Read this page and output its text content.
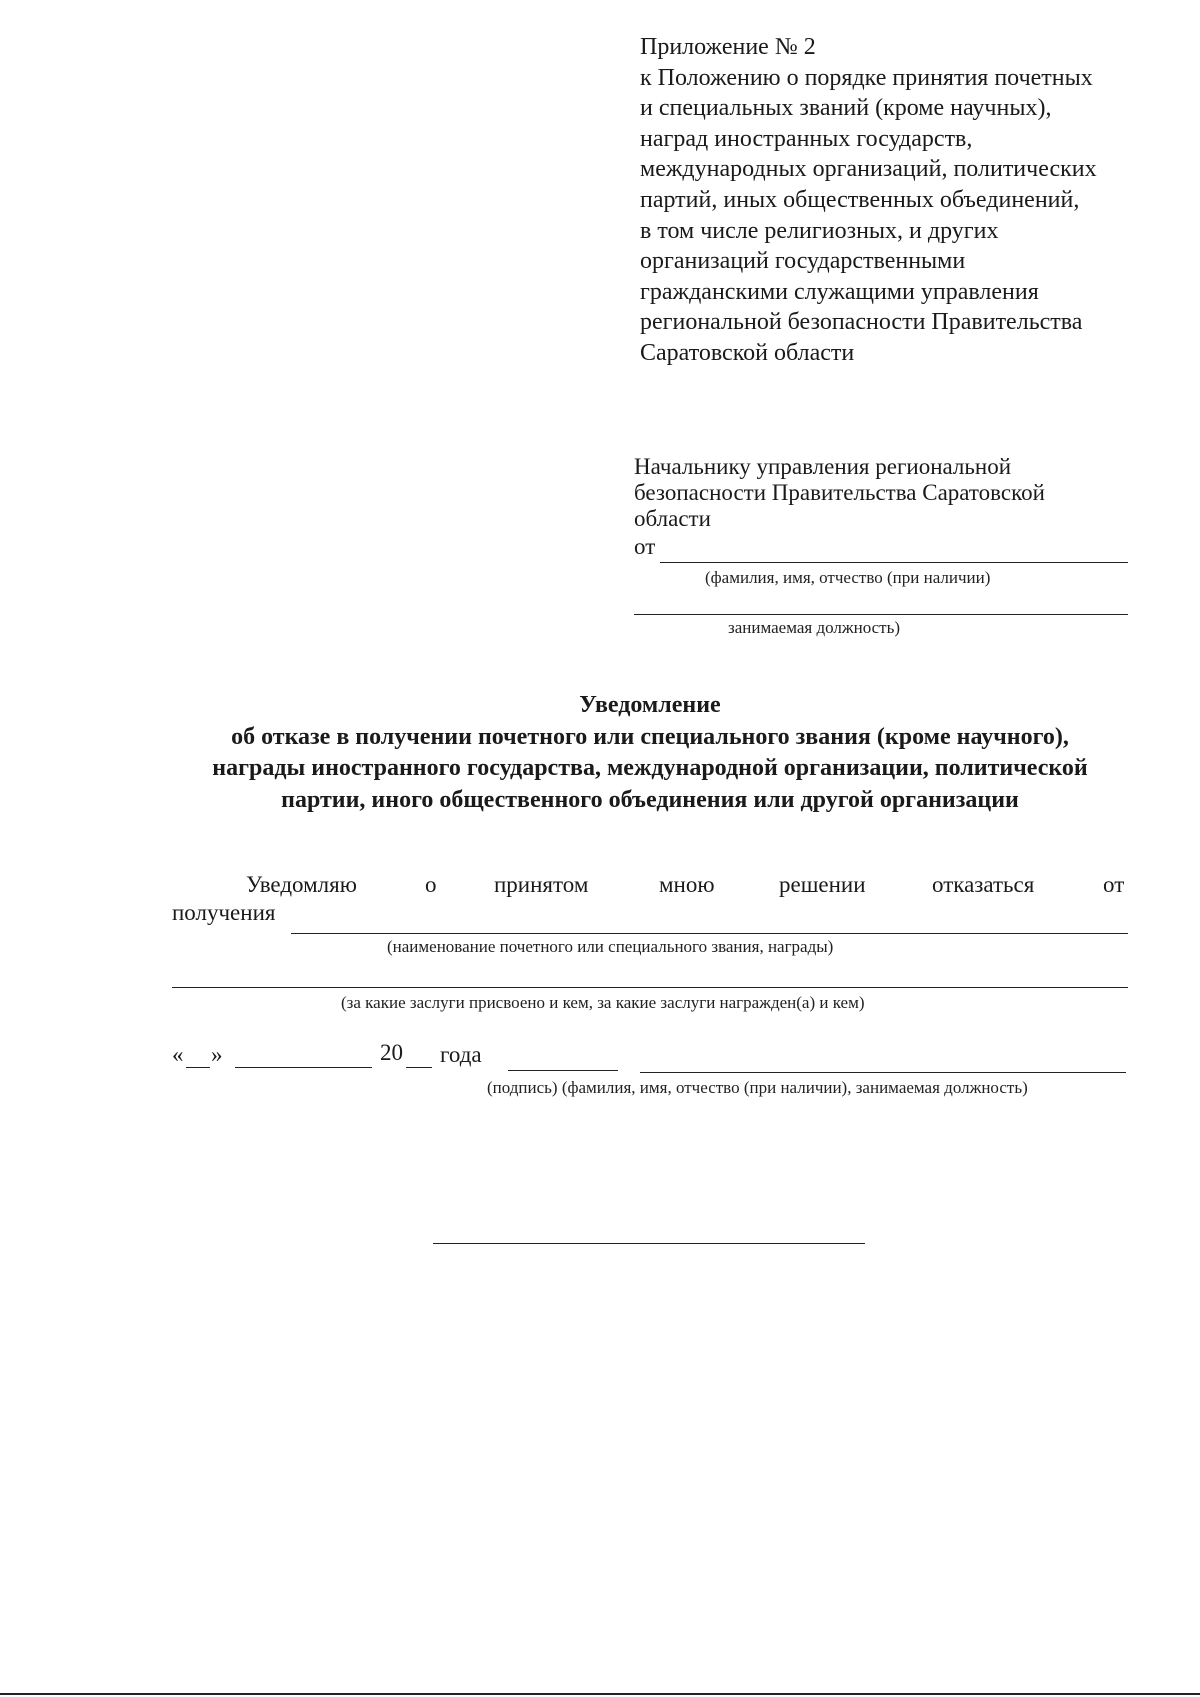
Приложение № 2
к Положению о порядке принятия почетных
и специальных званий (кроме научных),
наград иностранных государств,
международных организаций, политических
партий, иных общественных объединений,
в том числе религиозных, и других
организаций государственными
гражданскими служащими управления
региональной безопасности Правительства
Саратовской области
Начальнику управления региональной
безопасности Правительства Саратовской
области
от
(фамилия, имя, отчество (при наличии)
занимаемая должность)
Уведомление
об отказе в получении почетного или специального звания (кроме научного),
награды иностранного государства, международной организации, политической
партии, иного общественного объединения или другой организации
Уведомляю	о	принятом	мною	решении	отказаться	от
получения
(наименование почетного или специального звания, награды)
(за какие заслуги присвоено и кем, за какие заслуги награжден(а) и кем)
« »	20 года
(подпись) (фамилия, имя, отчество (при наличии), занимаемая должность)
